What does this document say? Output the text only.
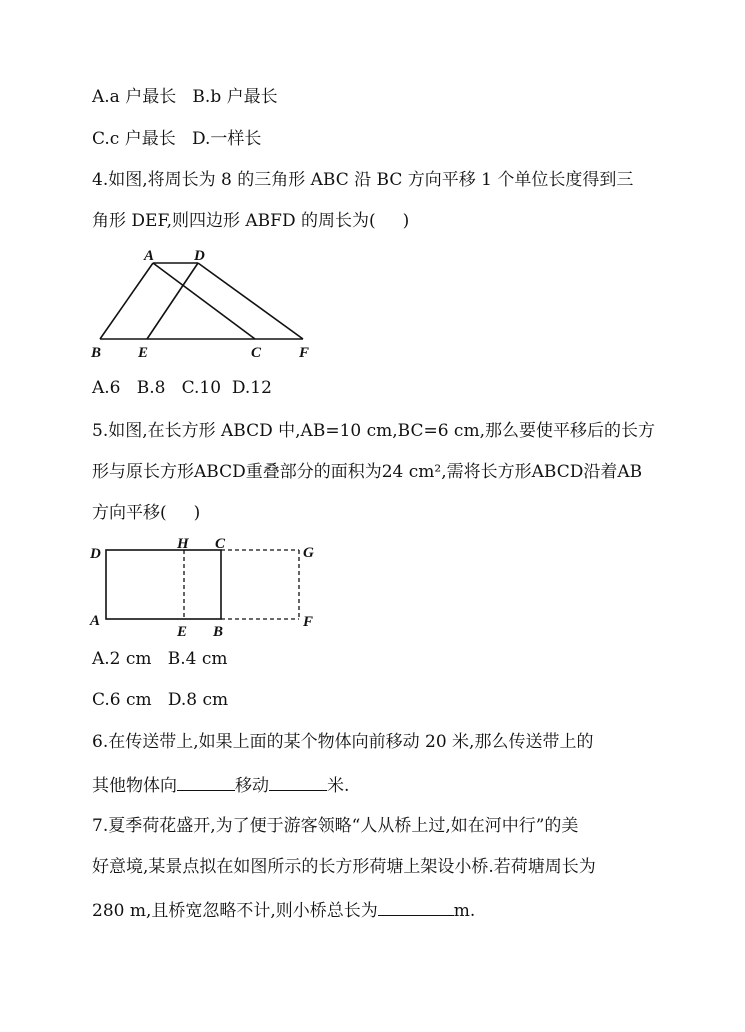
A.a 户最长   B.b 户最长

C.c 户最长   D.一样长

4.如图,将周长为 8 的三角形 ABC 沿 BC 方向平移 1 个单位长度得到三

角形 DEF,则四边形 ABFD 的周长为(     )

A	D
B E	C	F

A.6   B.8   C.10  D.12

5.如图,在长方形 ABCD 中,AB=10 cm,BC=6 cm,那么要使平移后的长方

形与原长方形ABCD重叠部分的面积为24 cm²,需将长方形ABCD沿着AB

方向平移(     )

D
H C
G
A
E B
F

A.2 cm   B.4 cm

C.6 cm   D.8 cm

6.在传送带上,如果上面的某个物体向前移动 20 米,那么传送带上的

其他物体向	移动	米.

7.夏季荷花盛开,为了便于游客领略“人从桥上过,如在河中行”的美

好意境,某景点拟在如图所示的长方形荷塘上架设小桥.若荷塘周长为

280 m,且桥宽忽略不计,则小桥总长为	m.
